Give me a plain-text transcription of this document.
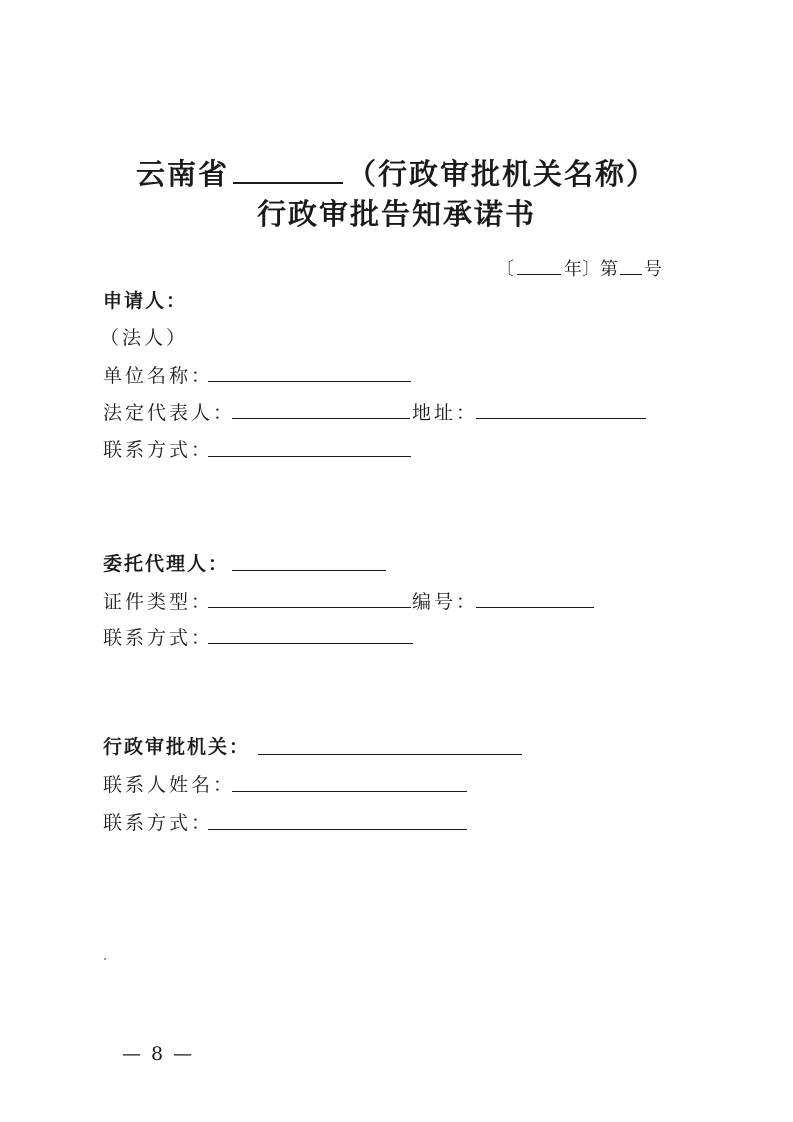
云南省	（行政审批机关名称）
行政审批告知承诺书
〔	年〕第 号
申请人：
（法人）
单位名称：
法定代表人：	地址：
联系方式：
委托代理人：
证件类型：	编号：
联系方式：
行政审批机关：
联系人姓名：
联系方式：
— 8 —
